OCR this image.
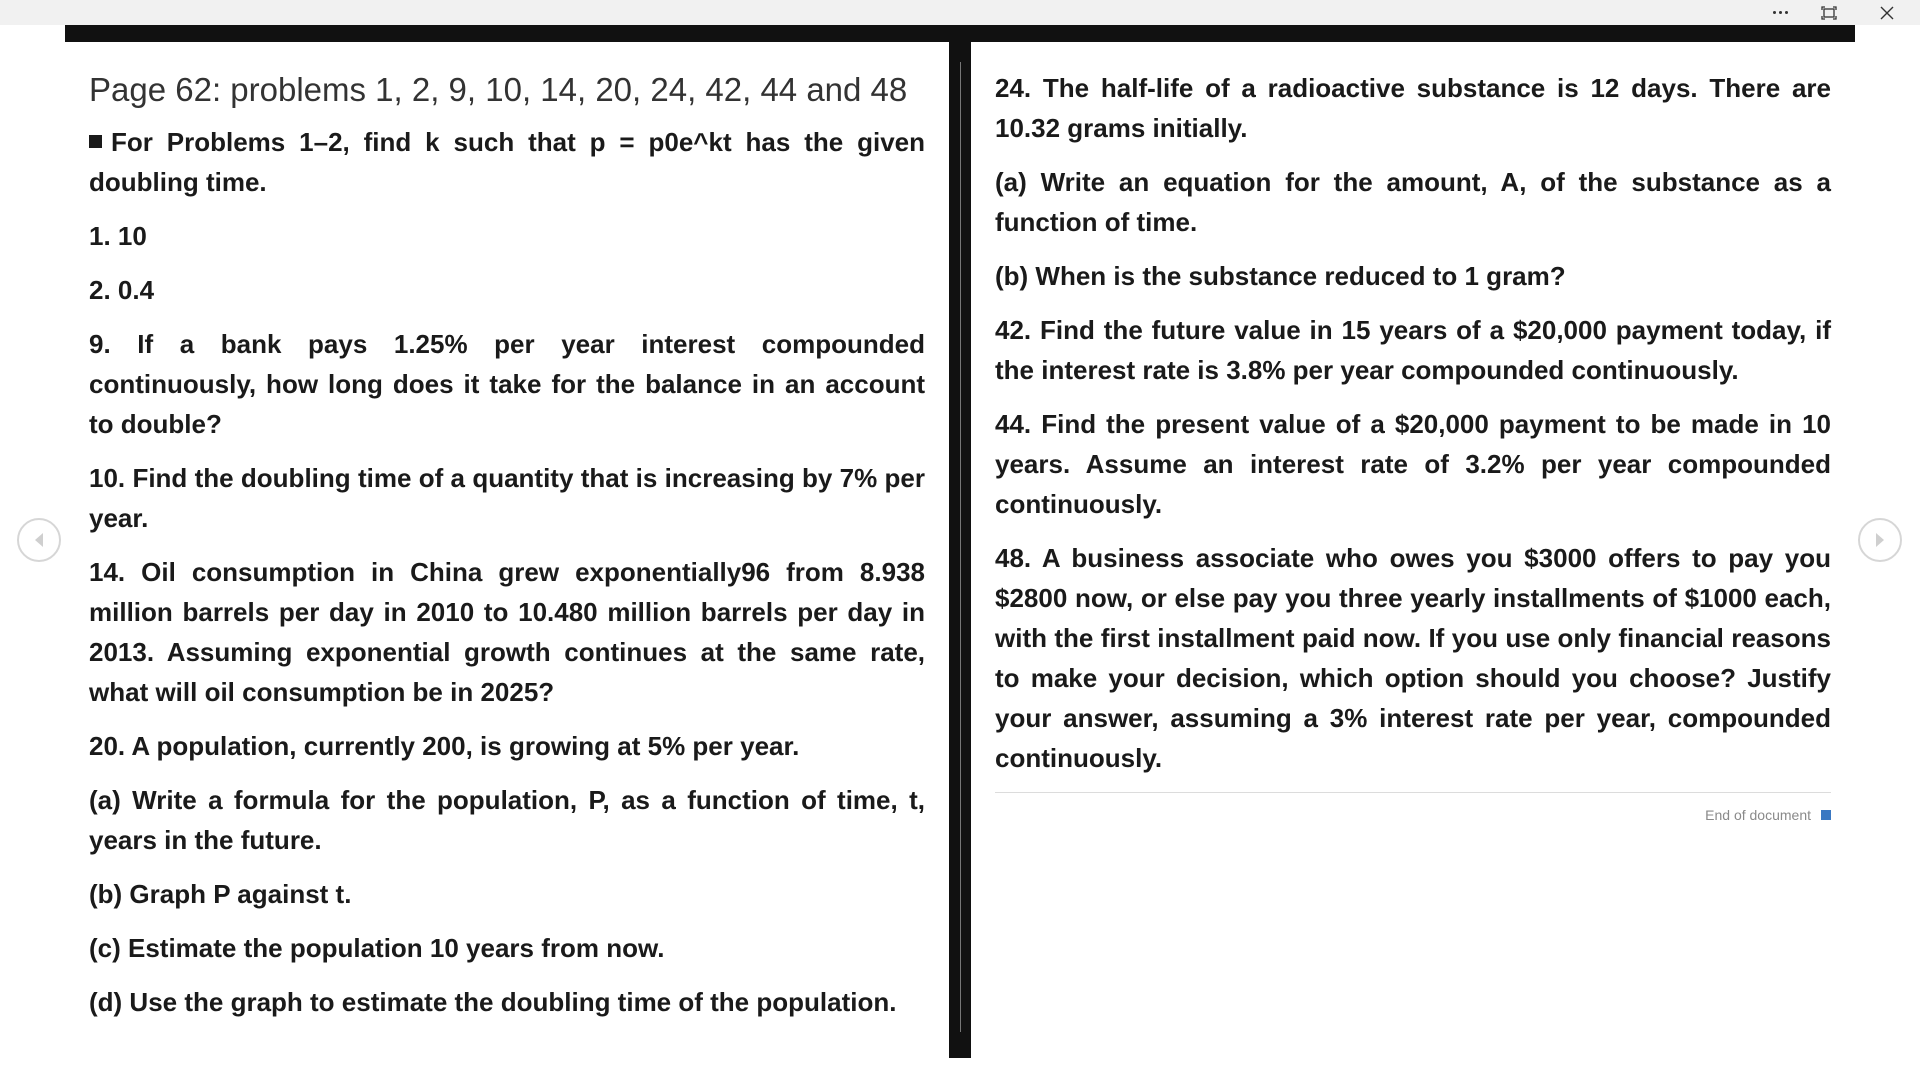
Page 62: problems 1, 2, 9, 10, 14, 20, 24, 42, 44 and 48
For Problems 1–2, find k such that p = p0e^kt has the given doubling time.
1. 10
2. 0.4
9. If a bank pays 1.25% per year interest compounded continuously, how long does it take for the balance in an account to double?
10. Find the doubling time of a quantity that is increasing by 7% per year.
14. Oil consumption in China grew exponentially96 from 8.938 million barrels per day in 2010 to 10.480 million barrels per day in 2013. Assuming exponential growth continues at the same rate, what will oil consumption be in 2025?
20. A population, currently 200, is growing at 5% per year.
(a) Write a formula for the population, P, as a function of time, t, years in the future.
(b) Graph P against t.
(c) Estimate the population 10 years from now.
(d) Use the graph to estimate the doubling time of the population.
24. The half-life of a radioactive substance is 12 days. There are 10.32 grams initially.
(a) Write an equation for the amount, A, of the substance as a function of time.
(b) When is the substance reduced to 1 gram?
42. Find the future value in 15 years of a $20,000 payment today, if the interest rate is 3.8% per year compounded continuously.
44. Find the present value of a $20,000 payment to be made in 10 years. Assume an interest rate of 3.2% per year compounded continuously.
48. A business associate who owes you $3000 offers to pay you $2800 now, or else pay you three yearly installments of $1000 each, with the first installment paid now. If you use only financial reasons to make your decision, which option should you choose? Justify your answer, assuming a 3% interest rate per year, compounded continuously.
End of document
